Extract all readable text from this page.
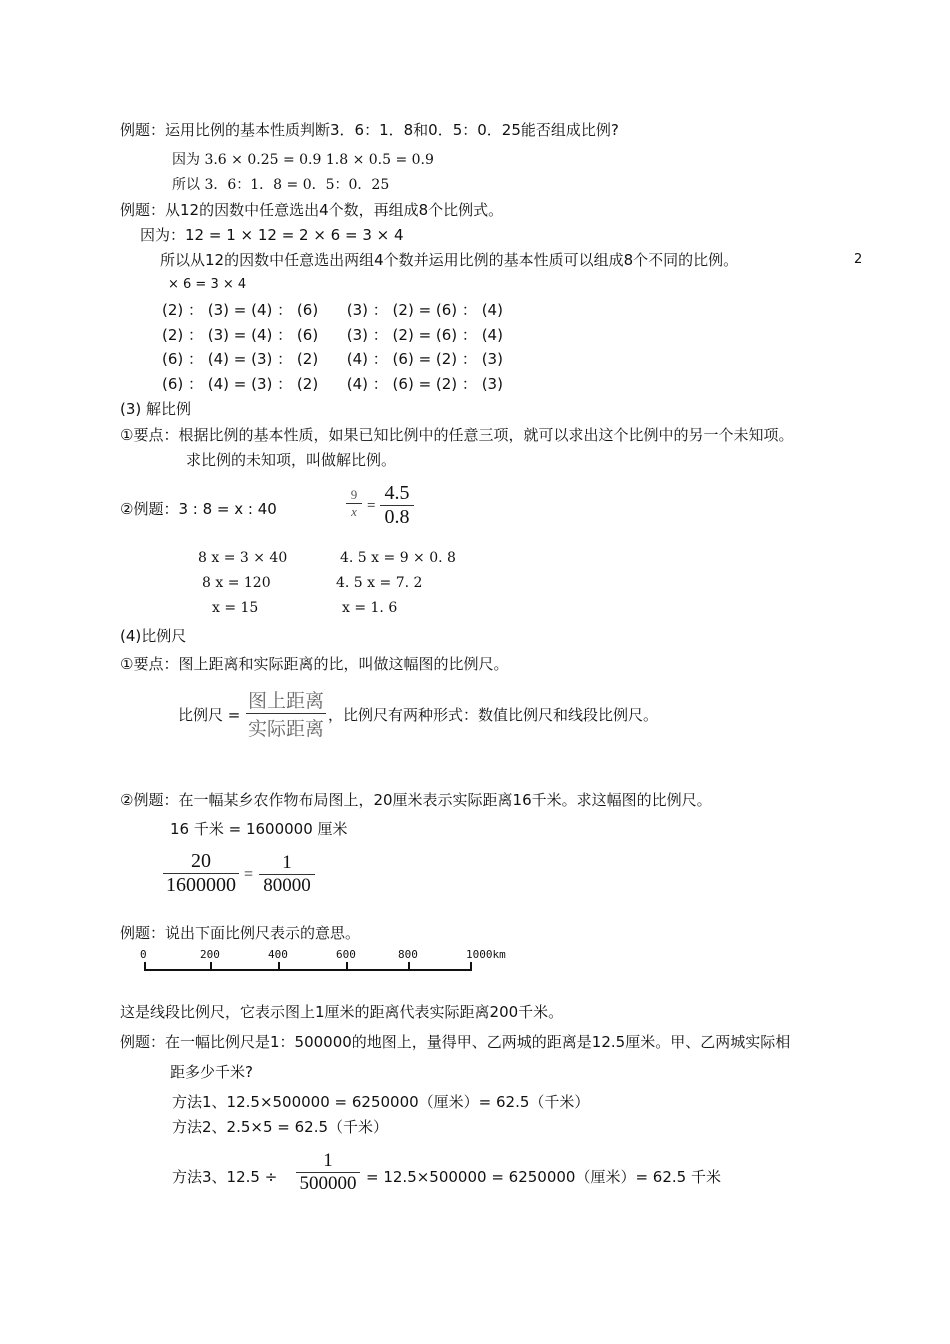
例题：运用比例的基本性质判断3．6：1．8和0．5：0．25能否组成比例?
因为 3.6 × 0.25 = 0.9 1.8 × 0.5 = 0.9
所以 3．6：1．8 = 0．5：0．25
例题：从12的因数中任意选出4个数，再组成8个比例式。
因为：12 = 1 × 12 = 2 × 6 = 3 × 4
所以从12的因数中任意选出两组4个数并运用比例的基本性质可以组成8个不同的比例。	2
× 6 = 3 × 4
(2) ： (3) = (4) ： (6)      (3) ： (2) = (6) ： (4)
(2) ： (3) = (4) ： (6)      (3) ： (2) = (6) ： (4)
(6) ： (4) = (3) ： (2)      (4) ： (6) = (2) ： (3)
(6) ： (4) = (3) ： (2)      (4) ： (6) = (2) ： (3)
(3) 解比例
①要点：根据比例的基本性质，如果已知比例中的任意三项，就可以求出这个比例中的另一个未知项。
求比例的未知项，叫做解比例。
②例题：3 : 8 = x : 40
9
x =
4.5
0.8
8 x = 3 × 40
8 x = 120
x = 15
4. 5 x = 9 × 0. 8
4. 5 x = 7. 2
x = 1. 6
(4)比例尺
①要点：图上距离和实际距离的比，叫做这幅图的比例尺。
比例尺 =
图上距离
实际距离
，比例尺有两种形式：数值比例尺和线段比例尺。
②例题：在一幅某乡农作物布局图上，20厘米表示实际距离16千米。求这幅图的比例尺。
16 千米 = 1600000 厘米
20
1600000 =
1
80000
例题：说出下面比例尺表示的意思。
0	200	400	600	800	1000km
这是线段比例尺，它表示图上1厘米的距离代表实际距离200千米。
例题：在一幅比例尺是1：500000的地图上，量得甲、乙两城的距离是12.5厘米。甲、乙两城实际相
距多少千米?
方法1、12.5×500000 = 6250000（厘米）= 62.5（千米）
方法2、2.5×5 = 62.5（千米）
方法3、12.5 ÷
1
500000 = 12.5×500000 = 6250000（厘米）= 62.5 千米
